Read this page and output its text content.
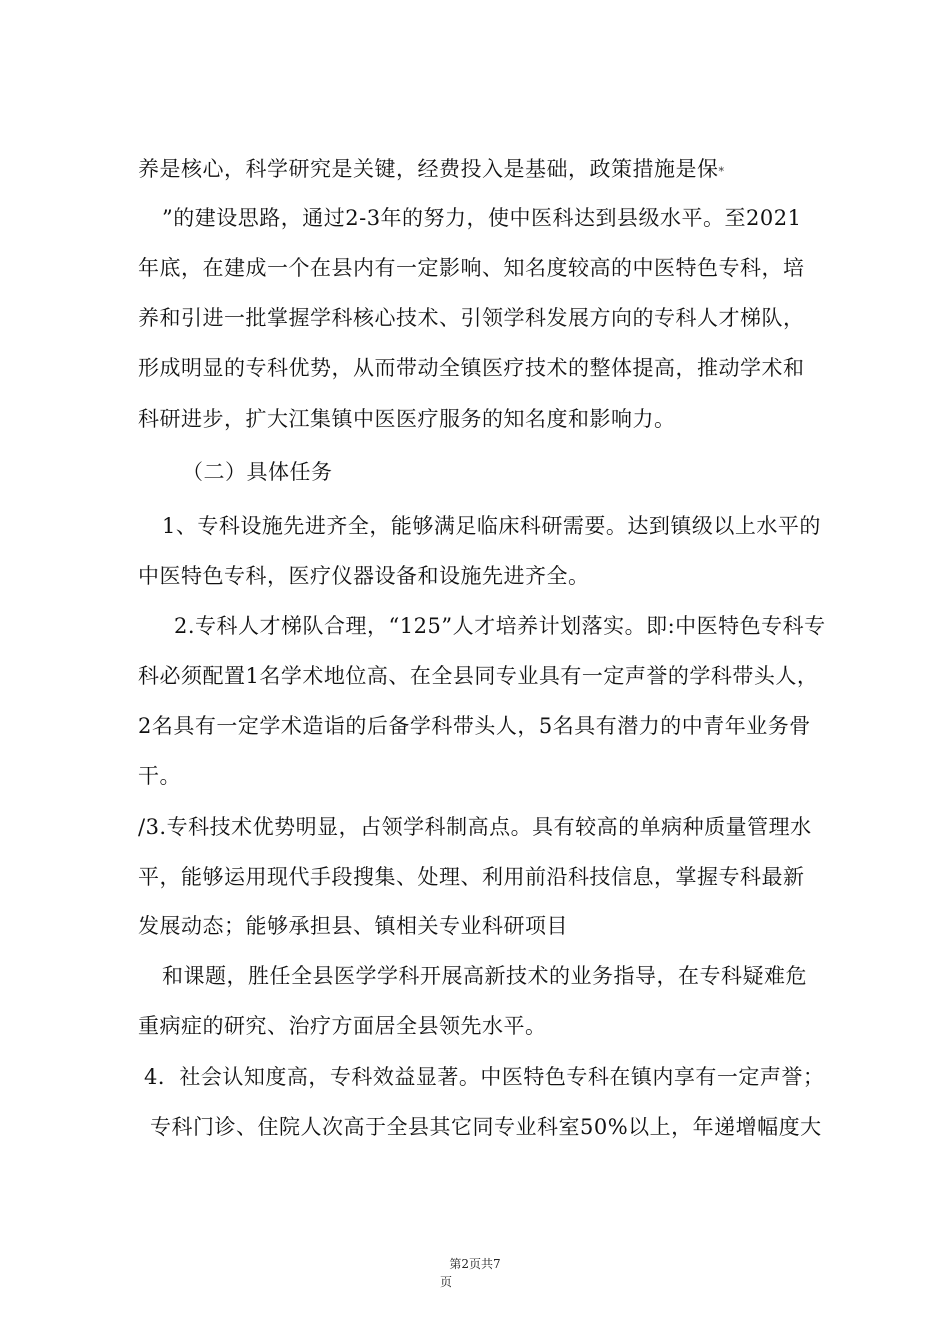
养是核心，科学研究是关键，经费投入是基础，政策措施是保*
”的建设思路，通过2-3年的努力，使中医科达到县级水平。至2021
年底，在建成一个在县内有一定影响、知名度较高的中医特色专科，培
养和引进一批掌握学科核心技术、引领学科发展方向的专科人才梯队，
形成明显的专科优势，从而带动全镇医疗技术的整体提高，推动学术和
科研进步，扩大江集镇中医医疗服务的知名度和影响力。
（二）具体任务
1、专科设施先进齐全，能够满足临床科研需要。达到镇级以上水平的
中医特色专科，医疗仪器设备和设施先进齐全。
2.专科人才梯队合理，“125”人才培养计划落实。即:中医特色专科专
科必须配置1名学术地位高、在全县同专业具有一定声誉的学科带头人，
2名具有一定学术造诣的后备学科带头人，5名具有潜力的中青年业务骨
干。
/3.专科技术优势明显，占领学科制高点。具有较高的单病种质量管理水
平，能够运用现代手段搜集、处理、利用前沿科技信息，掌握专科最新
发展动态；能够承担县、镇相关专业科研项目
和课题，胜任全县医学学科开展高新技术的业务指导，在专科疑难危
重病症的研究、治疗方面居全县领先水平。
4．社会认知度高，专科效益显著。中医特色专科在镇内享有一定声誉；
专科门诊、住院人次高于全县其它同专业科室50%以上，年递增幅度大
第2页共7
页
